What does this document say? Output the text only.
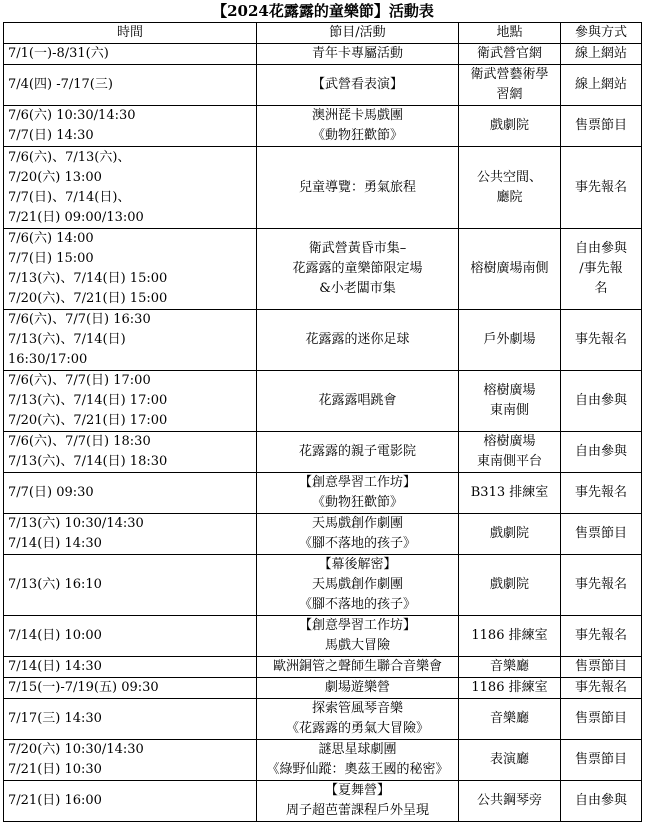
【2024花露露的童樂節】活動表
時間	節目/活動	地點	參與方式

7/1(一)-8/31(六)	青年卡專屬活動	衛武營官網	線上網站

7/4(四) -7/17(三)	【武營看表演】	衛武營藝術學
習網	線上網站

7/6(六) 10:30/14:30
7/7(日) 14:30	澳洲琵卡馬戲團
《動物狂歡節》	戲劇院	售票節目

7/6(六)、7/13(六)、
7/20(六) 13:00
7/7(日)、7/14(日)、
7/21(日) 09:00/13:00	兒童導覽：勇氣旅程	公共空間、
廳院	事先報名

7/6(六) 14:00
7/7(日) 15:00
7/13(六)、7/14(日) 15:00
7/20(六)、7/21(日) 15:00	衛武營黃昏市集–
花露露的童樂節限定場
&小老闆市集	榕樹廣場南側	自由參與
/事先報
名

7/6(六)、7/7(日) 16:30
7/13(六)、7/14(日)
16:30/17:00	花露露的迷你足球	戶外劇場	事先報名

7/6(六)、7/7(日) 17:00
7/13(六)、7/14(日) 17:00
7/20(六)、7/21(日) 17:00	花露露唱跳會	榕樹廣場
東南側	自由參與

7/6(六)、7/7(日) 18:30
7/13(六)、7/14(日) 18:30	花露露的親子電影院	榕樹廣場
東南側平台	自由參與

7/7(日) 09:30	【創意學習工作坊】
《動物狂歡節》	B313 排練室	事先報名

7/13(六) 10:30/14:30
7/14(日) 14:30	天馬戲創作劇團
《腳不落地的孩子》	戲劇院	售票節目

7/13(六) 16:10	【幕後解密】
天馬戲創作劇團
《腳不落地的孩子》	戲劇院	事先報名

7/14(日) 10:00	【創意學習工作坊】
馬戲大冒險	1186 排練室	事先報名

7/14(日) 14:30	歐洲銅管之聲師生聯合音樂會	音樂廳	售票節目

7/15(一)-7/19(五) 09:30	劇場遊樂營	1186 排練室	事先報名

7/17(三) 14:30	探索管風琴音樂
《花露露的勇氣大冒險》	音樂廳	售票節目

7/20(六) 10:30/14:30
7/21(日) 10:30	謎思星球劇團
《綠野仙蹤：奧茲王國的秘密》	表演廳	售票節目

7/21(日) 16:00	【夏舞營】
周子超芭蕾課程戶外呈現	公共鋼琴旁	自由參與
